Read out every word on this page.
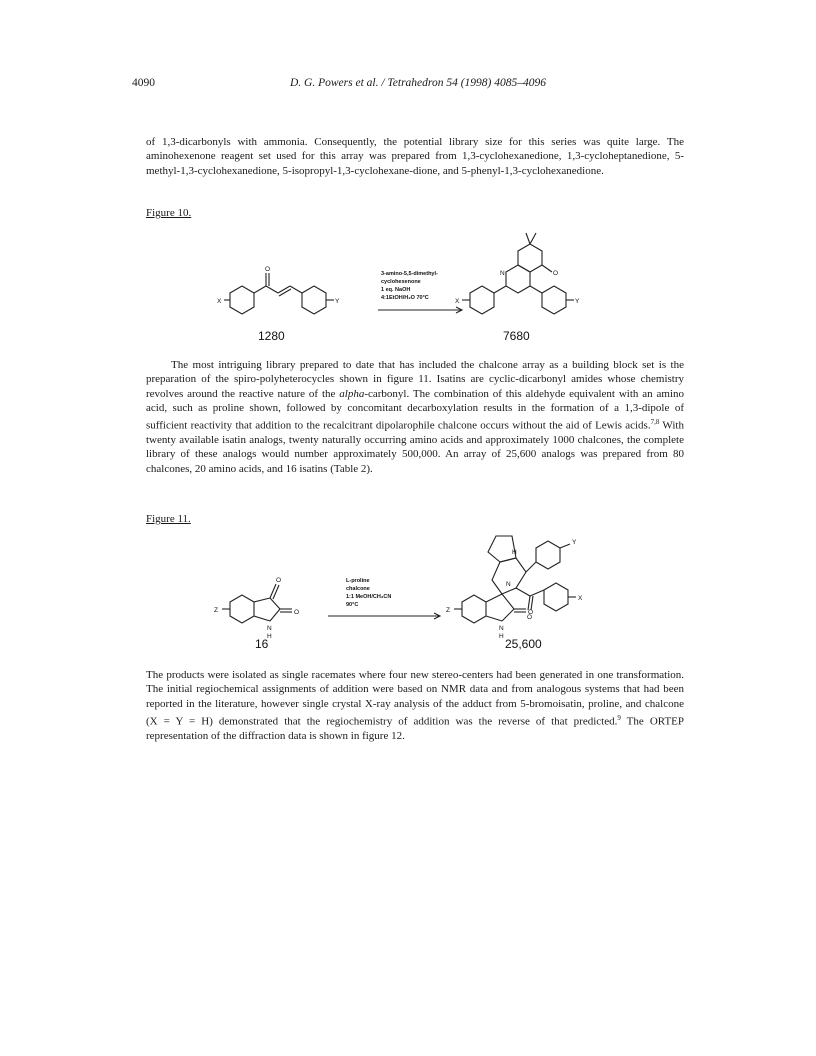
4090	D. G. Powers et al. / Tetrahedron 54 (1998) 4085–4096

of 1,3-dicarbonyls with ammonia. Consequently, the potential library size for this series was quite large. The aminohexenone reagent set used for this array was prepared from 1,3-cyclohexanedione, 1,3-cycloheptanedione, 5-methyl-1,3-cyclohexanedione, 5-isopropyl-1,3-cyclohexane-dione, and 5-phenyl-1,3-cyclohexanedione.

Figure 10.
O
X	Y
N	O
X	Y
3-amino-5,5-dimethyl-
cyclohexenone
1 eq. NaOH
4:1EtOH/H₂O 70°C
1280	7680

The most intriguing library prepared to date that has included the chalcone array as a building block set is the preparation of the spiro-polyheterocycles shown in figure 11. Isatins are cyclic-dicarbonyl amides whose chemistry revolves around the reactive nature of the alpha-carbonyl. The combination of this aldehyde equivalent with an amino acid, such as proline shown, followed by concomitant decarboxylation results in the formation of a 1,3-dipole of sufficient reactivity that addition to the recalcitrant dipolarophile chalcone occurs without the aid of Lewis acids.$^{7,8}$ With twenty available isatin analogs, twenty naturally occurring amino acids and approximately 1000 chalcones, the complete library of these analogs would number approximately 500,000. An array of 25,600 analogs was prepared from 80 chalcones, 20 amino acids, and 16 isatins (Table 2).

Figure 11.
O
O
N
H
Z	Z
N
H
O
O
N
H
X
Y
L-proline
chalcone
1:1 MeOH/CH₃CN
90°C
16	25,600

The products were isolated as single racemates where four new stereo-centers had been generated in one transformation. The initial regiochemical assignments of addition were based on NMR data and from analogous systems that had been reported in the literature, however single crystal X-ray analysis of the adduct from 5-bromoisatin, proline, and chalcone (X = Y = H) demonstrated that the regiochemistry of addition was the reverse of that predicted.$^9$ The ORTEP representation of the diffraction data is shown in figure 12.
